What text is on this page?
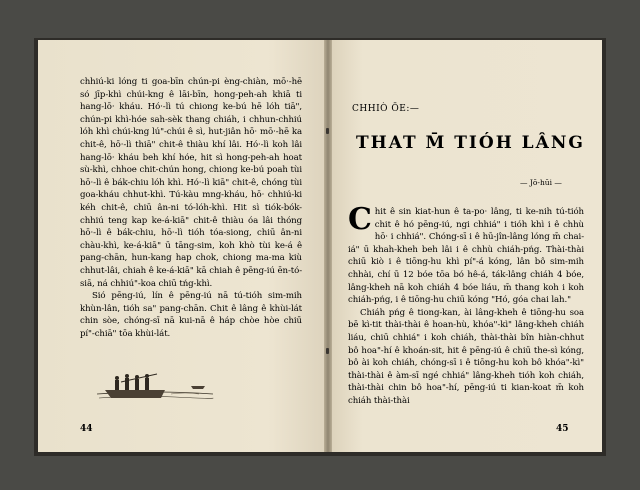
chhiú-ki lóng ti goa-bīn chún-pi èng-chiàn, mō·-hē só jīp-khì chúi-kng ê lāi-bīn, hong-peh-ah khiā ti hang-lō· kháu. Hó·-lì tú chiong ke-bú hē lóh tiā", chún-pi khì-hóe sah-sèk thang chiáh, i chhun-chhiú lóh khì chúi-kng lú"-chúi ê sì, hut-jiân hō· mō·-hē ka chit-ê, hō·-lì thiā" chit-ê thiàu khí lâi. Hó·-lì koh lâi hang-lō· kháu beh khí hóe, hit sì hong-peh-ah hoat sù-khì, chhoe chit-chún hong, chiong ke-bú poah tùi hō·-lì ê bák-chiu lóh khì. Hó·-lì kiā" chit-ê, chóng tùi goa-kháu chhut-khì. Tú-kàu mng-kháu, hō· chhiú-ki kéh chit-ê, chiū ân-ni tó-lóh-khì. Hit sì tiók-bók-chhiú teng kap ke-á-kiā" chit-ê thiàu óa lâi thóng hō·-lì ê bák-chiu, hō·-lì tióh tóa-siong, chiū ân-ni chàu-khì, ke-á-kiā" ū tāng-sim, koh khò tùi ke-á ê pang-chān, hun-kang hap chok, chiong ma-ma kiù chhut-lâi, chiah ê ke-á-kiā" kā chiah ê pēng-iú ēn-tó-siā, ná chhiú"-koa chiū tńg-khì.

Sió pēng-iú, lín ê pēng-iú nā tú-tióh sim-mih khùn-lân, tióh sa" pang-chān. Chit ê lâng ê khùi-lát chin sòe, chóng-sī nā kui-nā ê háp chòe hòe chiū pí"-chiā" tōa khùi-lát.

44
CHHIÒ ŌE:—
THAT M̄ TIÓH LÂNG
— Jō-hūi —

Chit ê sin kiat-hun ê ta-po· lâng, ti ke-nih tú-tióh chit ê hó pēng-iú, ngi chhiá" i tióh khì i ê chhù hō· i chhiá". Chóng-sī i ê hū-jîn-lâng lóng m̄ chai-iá" ū khah-kheh beh lâi i ê chhù chiáh-pńg. Thài-thài chiū kiò i ê tiōng-hu khì pí"-á kóng, lân bô sim-mih chhài, chí ū 12 bóe tōa bó hê-á, ták-lâng chiáh 4 bóe, lâng-kheh nā koh chiáh 4 bóe liáu, m̄ thang koh i koh chiáh-pńg, i ê tiōng-hu chiū kóng "Hó, góa chai lah."

Chiáh pńg ê tiong-kan, ài lâng-kheh ê tiōng-hu soa bē kì-tit thài-thài ê hoan-hù, khóa"-kì" lâng-kheh chiáh liáu, chiū chhiá" i koh chiáh, thài-thài bîn hiàn-chhut bô hoa"-hí ê khoán-sit, hit ê pēng-iú ê chiū the-sì kóng, bô ài koh chiáh, chóng-sī i ê tiōng-hu koh bô khóa"-kì" thài-thài ê àm-sī ngé chhiá" lâng-kheh tióh koh chiáh, thài-thài chin bô hoa"-hí, pēng-iú ti kian-koat m̄ koh chiáh thài-thài

45
